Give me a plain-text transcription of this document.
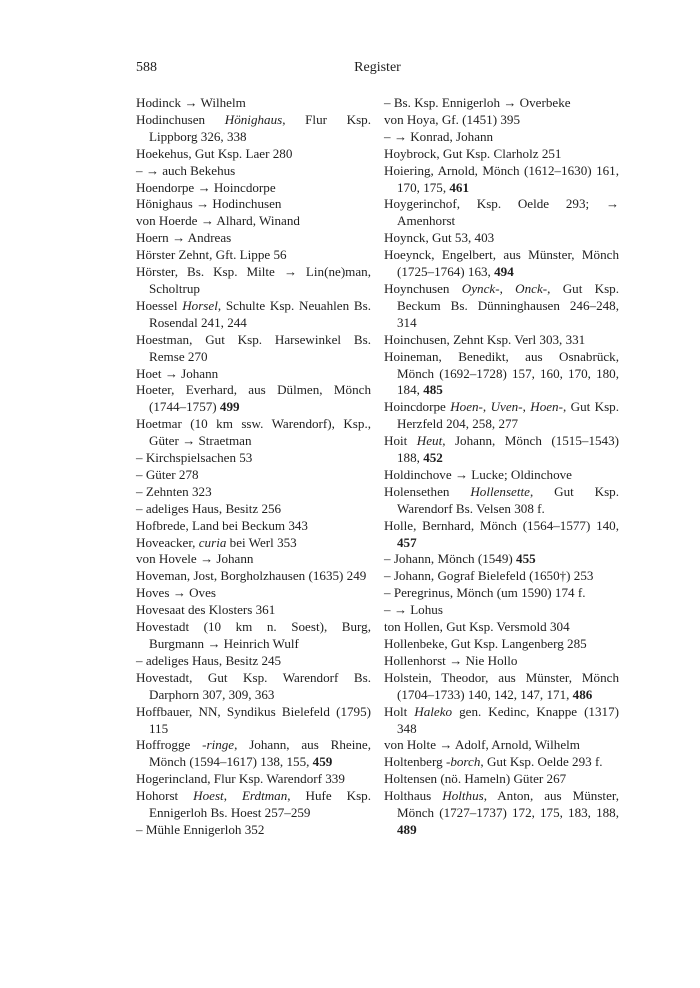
588	Register

Hodinck → Wilhelm

Hodinchusen Hönighaus, Flur Ksp. Lippborg 326, 338

Hoekehus, Gut Ksp. Laer 280

– → auch Bekehus

Hoendorpe → Hoincdorpe

Hönighaus → Hodinchusen

von Hoerde → Alhard, Winand

Hoern → Andreas

Hörster Zehnt, Gft. Lippe 56

Hörster, Bs. Ksp. Milte → Lin(ne)man, Scholtrup

Hoessel Horsel, Schulte Ksp. Neuahlen Bs. Rosendal 241, 244

Hoestman, Gut Ksp. Harsewinkel Bs. Remse 270

Hoet → Johann

Hoeter, Everhard, aus Dülmen, Mönch (1744–1757) 499

Hoetmar (10 km ssw. Warendorf), Ksp., Güter → Straetman

– Kirchspielsachen 53

– Güter 278

– Zehnten 323

– adeliges Haus, Besitz 256

Hofbrede, Land bei Beckum 343

Hoveacker, curia bei Werl 353

von Hovele → Johann

Hoveman, Jost, Borgholzhausen (1635) 249

Hoves → Oves

Hovesaat des Klosters 361

Hovestadt (10 km n. Soest), Burg, Burgmann → Heinrich Wulf

– adeliges Haus, Besitz 245

Hovestadt, Gut Ksp. Warendorf Bs. Darphorn 307, 309, 363

Hoffbauer, NN, Syndikus Bielefeld (1795) 115

Hoffrogge -ringe, Johann, aus Rheine, Mönch (1594–1617) 138, 155, 459

Hogerincland, Flur Ksp. Warendorf 339

Hohorst Hoest, Erdtman, Hufe Ksp. Ennigerloh Bs. Hoest 257–259

– Mühle Ennigerloh 352

– Bs. Ksp. Ennigerloh → Overbeke

von Hoya, Gf. (1451) 395

– → Konrad, Johann

Hoybrock, Gut Ksp. Clarholz 251

Hoiering, Arnold, Mönch (1612–1630) 161, 170, 175, 461

Hoygerinchof, Ksp. Oelde 293; → Amenhorst

Hoynck, Gut 53, 403

Hoeynck, Engelbert, aus Münster, Mönch (1725–1764) 163, 494

Hoynchusen Oynck-, Onck-, Gut Ksp. Beckum Bs. Dünninghausen 246–248, 314

Hoinchusen, Zehnt Ksp. Verl 303, 331

Hoineman, Benedikt, aus Osnabrück, Mönch (1692–1728) 157, 160, 170, 180, 184, 485

Hoincdorpe Hoen-, Uven-, Hoen-, Gut Ksp. Herzfeld 204, 258, 277

Hoit Heut, Johann, Mönch (1515–1543) 188, 452

Holdinchove → Lucke; Oldinchove

Holensethen Hollensette, Gut Ksp. Warendorf Bs. Velsen 308 f.

Holle, Bernhard, Mönch (1564–1577) 140, 457

– Johann, Mönch (1549) 455

– Johann, Gograf Bielefeld (1650†) 253

– Peregrinus, Mönch (um 1590) 174 f.

– → Lohus

ton Hollen, Gut Ksp. Versmold 304

Hollenbeke, Gut Ksp. Langenberg 285

Hollenhorst → Nie Hollo

Holstein, Theodor, aus Münster, Mönch (1704–1733) 140, 142, 147, 171, 486

Holt Haleko gen. Kedinc, Knappe (1317) 348

von Holte → Adolf, Arnold, Wilhelm

Holtenberg -borch, Gut Ksp. Oelde 293 f.

Holtensen (nö. Hameln) Güter 267

Holthaus Holthus, Anton, aus Münster, Mönch (1727–1737) 172, 175, 183, 188, 489
